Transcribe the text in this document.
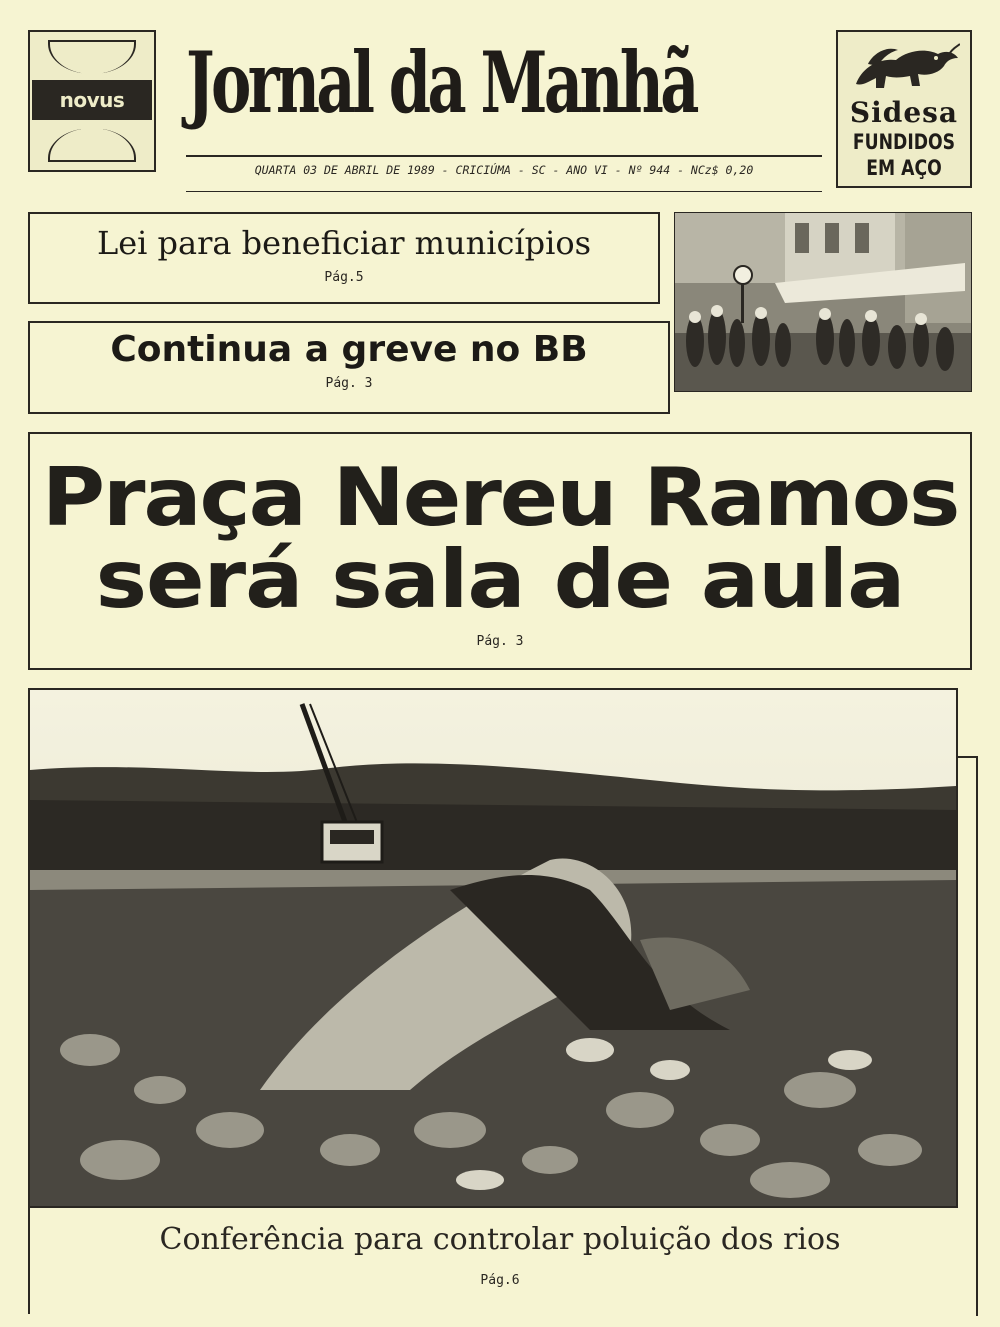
novus Jornal da Manhã
QUARTA 03 DE ABRIL DE 1989 - CRICIÚMA - SC - ANO VI - Nº 944 - NCz$ 0,20
Sidesa
FUNDIDOS
EM AÇO
Lei para beneficiar municípios
Pág.5
Continua a greve no BB
Pág. 3
Praça Nereu Ramos
será sala de aula
Pág. 3
Conferência para controlar poluição dos rios
Pág.6
